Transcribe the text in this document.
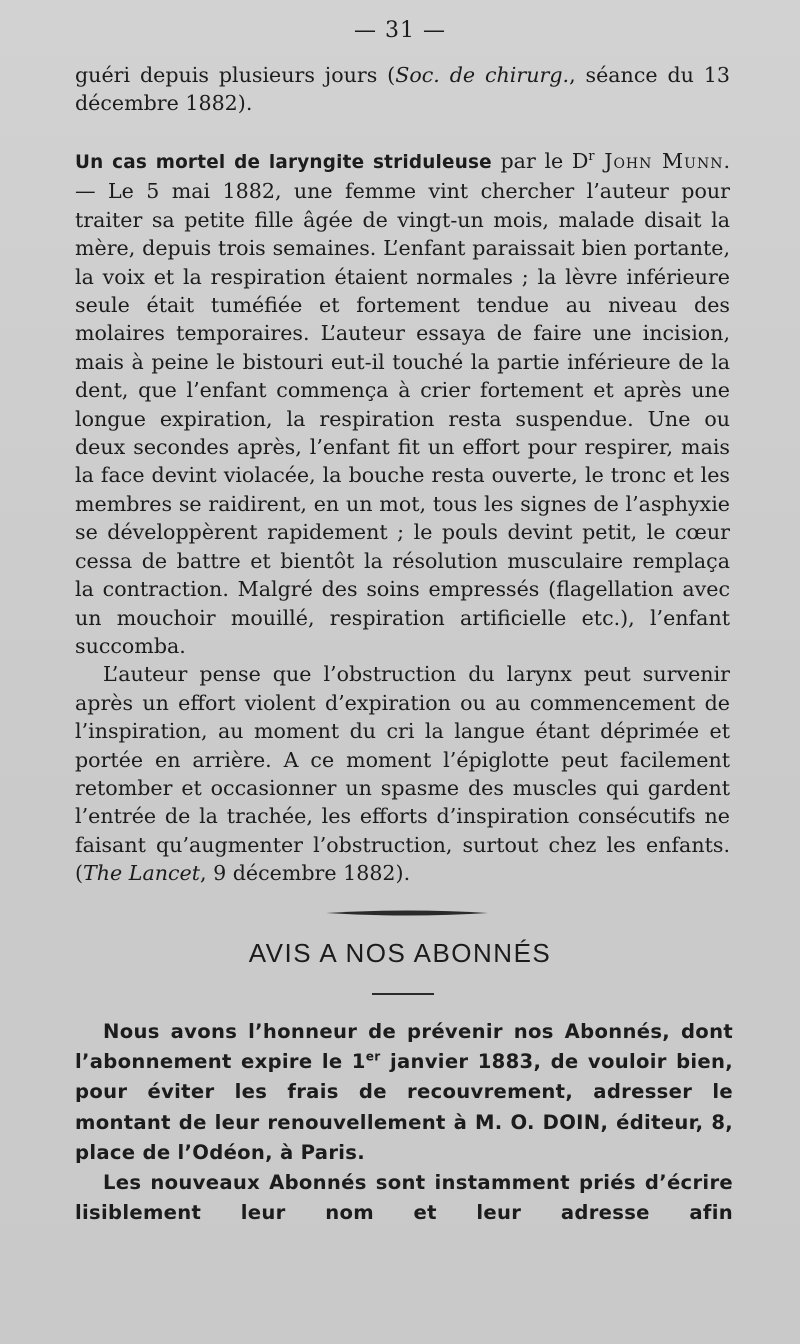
— 31 —
guéri depuis plusieurs jours (Soc. de chirurg., séance du 13 décembre 1882).

Un cas mortel de laryngite striduleuse par le $D^r$ John Munn. — Le 5 mai 1882, une femme vint chercher l’auteur pour traiter sa petite fille âgée de vingt-un mois, malade disait la mère, depuis trois semaines. L’enfant paraissait bien portante, la voix et la respiration étaient normales ; la lèvre inférieure seule était tuméfiée et fortement tendue au niveau des molaires temporaires. L’auteur essaya de faire une incision, mais à peine le bistouri eut-il touché la partie inférieure de la dent, que l’enfant commença à crier fortement et après une longue expiration, la respiration resta suspendue. Une ou deux secondes après, l’enfant fit un effort pour respirer, mais la face devint violacée, la bouche resta ouverte, le tronc et les membres se raidirent, en un mot, tous les signes de l’asphyxie se développèrent rapidement ; le pouls devint petit, le cœur cessa de battre et bientôt la résolution musculaire remplaça la contraction. Malgré des soins empressés (flagellation avec un mouchoir mouillé, respiration artificielle etc.), l’enfant succomba.

L’auteur pense que l’obstruction du larynx peut survenir après un effort violent d’expiration ou au commencement de l’inspiration, au moment du cri la langue étant déprimée et portée en arrière. A ce moment l’épiglotte peut facilement retomber et occasionner un spasme des muscles qui gardent l’entrée de la trachée, les efforts d’inspiration consécutifs ne faisant qu’augmenter l’obstruction, surtout chez les enfants. (The Lancet, 9 décembre 1882).

AVIS A NOS ABONNÉS

Nous avons l’honneur de prévenir nos Abonnés, dont l’abonnement expire le 1er janvier 1883, de vouloir bien, pour éviter les frais de recouvrement, adresser le montant de leur renouvellement à M. O. DOIN, éditeur, 8, place de l’Odéon, à Paris.

Les nouveaux Abonnés sont instamment priés d’écrire lisiblement leur nom et leur adresse afin
